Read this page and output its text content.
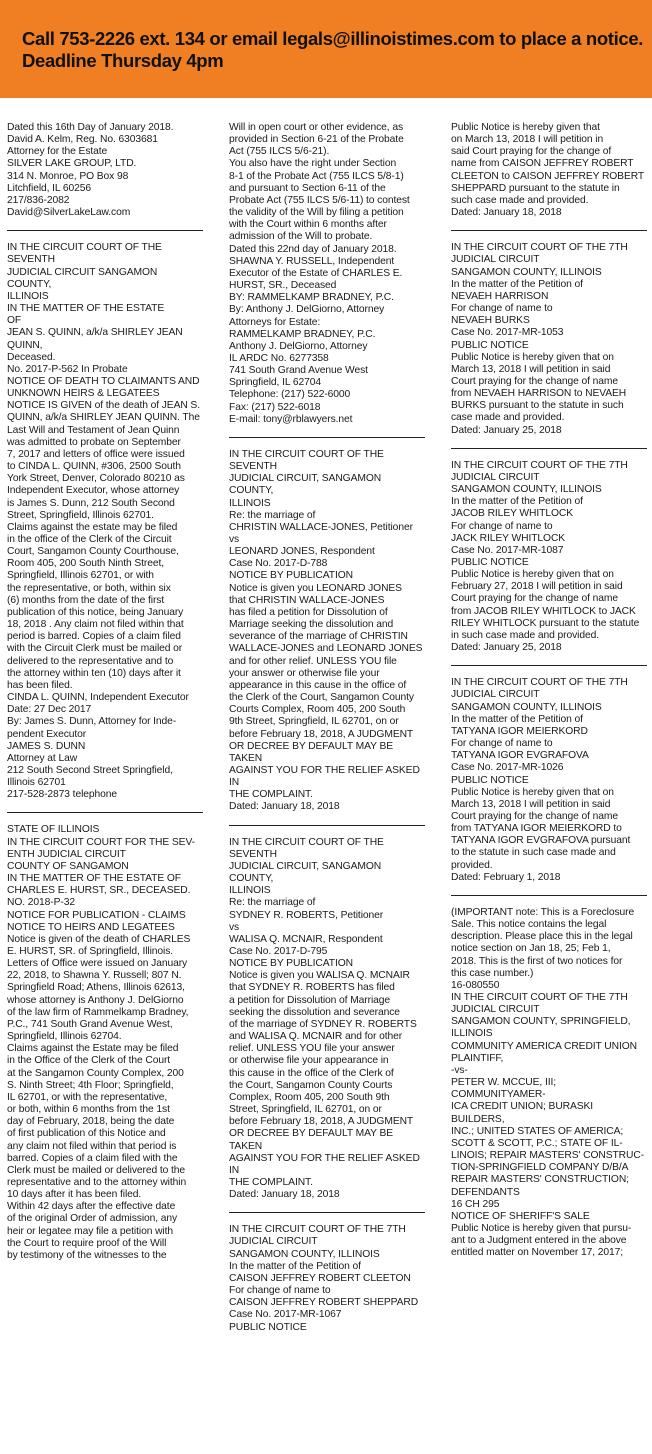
Call 753-2226 ext. 134 or email legals@illinoistimes.com to place a notice.
Deadline Thursday 4pm
Dated this 16th Day of January 2018.
David A. Kelm, Reg. No. 6303681
Attorney for the Estate
SILVER LAKE GROUP, LTD.
314 N. Monroe, PO Box 98
Litchfield, IL 60256
217/836-2082
David@SilverLakeLaw.com
IN THE CIRCUIT COURT OF THE SEVENTH
JUDICIAL CIRCUIT SANGAMON COUNTY,
ILLINOIS
IN THE MATTER OF THE ESTATE
OF
JEAN S. QUINN, a/k/a SHIRLEY JEAN
QUINN,
Deceased.
No. 2017-P-562 In Probate
NOTICE OF DEATH TO CLAIMANTS AND
UNKNOWN HEIRS & LEGATEES
NOTICE IS GIVEN of the death of JEAN S.
QUINN, a/k/a SHIRLEY JEAN QUINN. The
Last Will and Testament of Jean Quinn
was admitted to probate on September
7, 2017 and letters of office were issued
to CINDA L. QUINN, #306, 2500 South
York Street, Denver, Colorado 80210 as
Independent Executor, whose attorney
is James S. Dunn, 212 South Second
Street, Springfield, Illinois 62701.
Claims against the estate may be filed
in the office of the Clerk of the Circuit
Court, Sangamon County Courthouse,
Room 405, 200 South Ninth Street,
Springfield, Illinois 62701, or with
the representative, or both, within six
(6) months from the date of the first
publication of this notice, being January
18, 2018 . Any claim not filed within that
period is barred. Copies of a claim filed
with the Circuit Clerk must be mailed or
delivered to the representative and to
the attorney within ten (10) days after it
has been filed.
CINDA L. QUINN, Independent Executor
Date: 27 Dec 2017
By: James S. Dunn, Attorney for Inde-
pendent Executor
JAMES S. DUNN
Attorney at Law
212 South Second Street Springfield,
Illinois 62701
217-528-2873 telephone
STATE OF ILLINOIS
IN THE CIRCUIT COURT FOR THE SEV-
ENTH JUDICIAL CIRCUIT
COUNTY OF SANGAMON
IN THE MATTER OF THE ESTATE OF
CHARLES E. HURST, SR., DECEASED.
NO. 2018-P-32
NOTICE FOR PUBLICATION - CLAIMS
NOTICE TO HEIRS AND LEGATEES
Notice is given of the death of CHARLES
E. HURST, SR. of Springfield, Illinois.
Letters of Office were issued on January
22, 2018, to Shawna Y. Russell; 807 N.
Springfield Road; Athens, Illinois 62613,
whose attorney is Anthony J. DelGiorno
of the law firm of Rammelkamp Bradney,
P.C., 741 South Grand Avenue West,
Springfield, Illinois 62704.
Claims against the Estate may be filed
in the Office of the Clerk of the Court
at the Sangamon County Complex, 200
S. Ninth Street; 4th Floor; Springfield,
IL 62701, or with the representative,
or both, within 6 months from the 1st
day of February, 2018, being the date
of first publication of this Notice and
any claim not filed within that period is
barred. Copies of a claim filed with the
Clerk must be mailed or delivered to the
representative and to the attorney within
10 days after it has been filed.
Within 42 days after the effective date
of the original Order of admission, any
heir or legatee may file a petition with
the Court to require proof of the Will
by testimony of the witnesses to the
Will in open court or other evidence, as
provided in Section 6-21 of the Probate
Act (755 ILCS 5/6-21).
You also have the right under Section
8-1 of the Probate Act (755 ILCS 5/8-1)
and pursuant to Section 6-11 of the
Probate Act (755 ILCS 5/6-11) to contest
the validity of the Will by filing a petition
with the Court within 6 months after
admission of the Will to probate.
Dated this 22nd day of January 2018.
SHAWNA Y. RUSSELL, Independent
Executor of the Estate of CHARLES E.
HURST, SR., Deceased
BY: RAMMELKAMP BRADNEY, P.C.
By: Anthony J. DelGiorno, Attorney
Attorneys for Estate:
RAMMELKAMP BRADNEY, P.C.
Anthony J. DelGiorno, Attorney
IL ARDC No. 6277358
741 South Grand Avenue West
Springfield, IL 62704
Telephone: (217) 522-6000
Fax: (217) 522-6018
E-mail: tony@rblawyers.net
IN THE CIRCUIT COURT OF THE SEVENTH
JUDICIAL CIRCUIT, SANGAMON COUNTY,
ILLINOIS
Re: the marriage of
CHRISTIN WALLACE-JONES, Petitioner
vs
LEONARD JONES, Respondent
Case No. 2017-D-788
NOTICE BY PUBLICATION
Notice is given you LEONARD JONES
that CHRISTIN WALLACE-JONES
has filed a petition for Dissolution of
Marriage seeking the dissolution and
severance of the marriage of CHRISTIN
WALLACE-JONES and LEONARD JONES
and for other relief. UNLESS YOU file
your answer or otherwise file your
appearance in this cause in the office of
the Clerk of the Court, Sangamon County
Courts Complex, Room 405, 200 South
9th Street, Springfield, IL 62701, on or
before February 18, 2018, A JUDGMENT
OR DECREE BY DEFAULT MAY BE TAKEN
AGAINST YOU FOR THE RELIEF ASKED IN
THE COMPLAINT.
Dated: January 18, 2018
IN THE CIRCUIT COURT OF THE SEVENTH
JUDICIAL CIRCUIT, SANGAMON COUNTY,
ILLINOIS
Re: the marriage of
SYDNEY R. ROBERTS, Petitioner
vs
WALISA Q. MCNAIR, Respondent
Case No. 2017-D-795
NOTICE BY PUBLICATION
Notice is given you WALISA Q. MCNAIR
that SYDNEY R. ROBERTS has filed
a petition for Dissolution of Marriage
seeking the dissolution and severance
of the marriage of SYDNEY R. ROBERTS
and WALISA Q. MCNAIR and for other
relief. UNLESS YOU file your answer
or otherwise file your appearance in
this cause in the office of the Clerk of
the Court, Sangamon County Courts
Complex, Room 405, 200 South 9th
Street, Springfield, IL 62701, on or
before February 18, 2018, A JUDGMENT
OR DECREE BY DEFAULT MAY BE TAKEN
AGAINST YOU FOR THE RELIEF ASKED IN
THE COMPLAINT.
Dated: January 18, 2018
IN THE CIRCUIT COURT OF THE 7TH
JUDICIAL CIRCUIT
SANGAMON COUNTY, ILLINOIS
In the matter of the Petition of
CAISON JEFFREY ROBERT CLEETON
For change of name to
CAISON JEFFREY ROBERT SHEPPARD
Case No. 2017-MR-1067
PUBLIC NOTICE
Public Notice is hereby given that
on March 13, 2018 I will petition in
said Court praying for the change of
name from CAISON JEFFREY ROBERT
CLEETON to CAISON JEFFREY ROBERT
SHEPPARD pursuant to the statute in
such case made and provided.
Dated: January 18, 2018
IN THE CIRCUIT COURT OF THE 7TH
JUDICIAL CIRCUIT
SANGAMON COUNTY, ILLINOIS
In the matter of the Petition of
NEVAEH HARRISON
For change of name to
NEVAEH BURKS
Case No. 2017-MR-1053
PUBLIC NOTICE
Public Notice is hereby given that on
March 13, 2018 I will petition in said
Court praying for the change of name
from NEVAEH HARRISON to NEVAEH
BURKS pursuant to the statute in such
case made and provided.
Dated: January 25, 2018
IN THE CIRCUIT COURT OF THE 7TH
JUDICIAL CIRCUIT
SANGAMON COUNTY, ILLINOIS
In the matter of the Petition of
JACOB RILEY WHITLOCK
For change of name to
JACK RILEY WHITLOCK
Case No. 2017-MR-1087
PUBLIC NOTICE
Public Notice is hereby given that on
February 27, 2018 I will petition in said
Court praying for the change of name
from JACOB RILEY WHITLOCK to JACK
RILEY WHITLOCK pursuant to the statute
in such case made and provided.
Dated: January 25, 2018
IN THE CIRCUIT COURT OF THE 7TH
JUDICIAL CIRCUIT
SANGAMON COUNTY, ILLINOIS
In the matter of the Petition of
TATYANA IGOR MEIERKORD
For change of name to
TATYANA IGOR EVGRAFOVA
Case No. 2017-MR-1026
PUBLIC NOTICE
Public Notice is hereby given that on
March 13, 2018 I will petition in said
Court praying for the change of name
from TATYANA IGOR MEIERKORD to
TATYANA IGOR EVGRAFOVA pursuant
to the statute in such case made and
provided.
Dated: February 1, 2018
(IMPORTANT note: This is a Foreclosure
Sale. This notice contains the legal
description. Please place this in the legal
notice section on Jan 18, 25; Feb 1,
2018. This is the first of two notices for
this case number.)
16-080550
IN THE CIRCUIT COURT OF THE 7TH
JUDICIAL CIRCUIT
SANGAMON COUNTY, SPRINGFIELD,
ILLINOIS
COMMUNITY AMERICA CREDIT UNION
PLAINTIFF,
-vs-
PETER W. MCCUE, III; COMMUNITYAMER-
ICA CREDIT UNION; BURASKI BUILDERS,
INC.; UNITED STATES OF AMERICA;
SCOTT & SCOTT, P.C.; STATE OF IL-
LINOIS; REPAIR MASTERS' CONSTRUC-
TION-SPRINGFIELD COMPANY D/B/A
REPAIR MASTERS' CONSTRUCTION;
DEFENDANTS
16 CH 295
NOTICE OF SHERIFF'S SALE
Public Notice is hereby given that pursu-
ant to a Judgment entered in the above
entitled matter on November 17, 2017;
